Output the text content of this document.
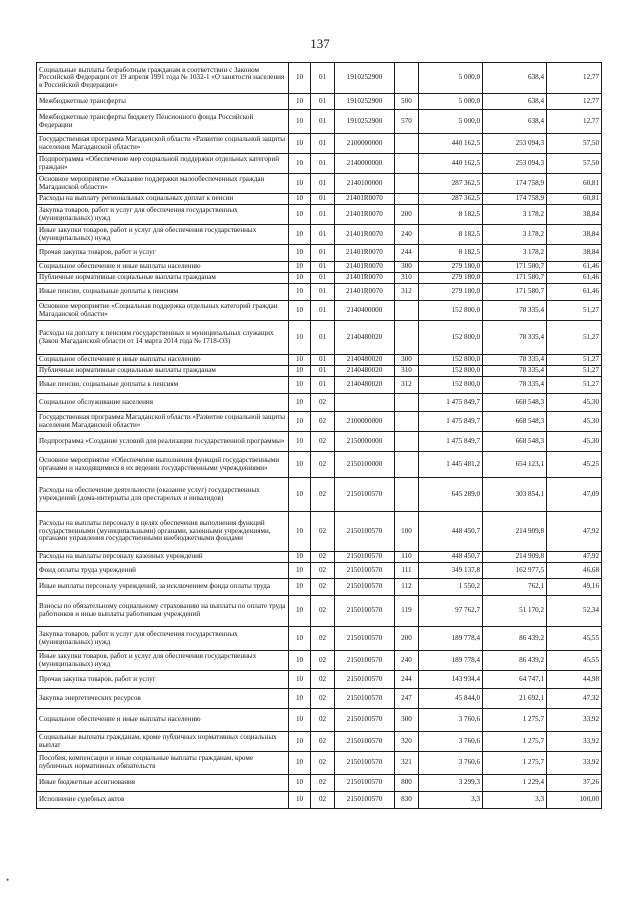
137
Социальные выплаты безработным гражданам в соответствии с Законом Российской Федерации от 19 апреля 1991 года № 1032-1 «О занятости населения в Российской Федерации»	10	01	1910252900		5 000,0	638,4	12,77
Межбюджетные трансферты	10	01	1910252900	500	5 000,0	638,4	12,77
Межбюджетные трансферты бюджету Пенсионного фонда Российской Федерации	10	01	1910252900	570	5 000,0	638,4	12,77
Государственная программа Магаданской области «Развитие социальной защиты населения Магаданской области»	10	01	2100000000		440 162,5	253 094,3	57,50
Подпрограмма «Обеспечение мер социальной поддержки отдельных категорий граждан»	10	01	2140000000		440 162,5	253 094,3	57,50
Основное мероприятие «Оказание поддержки малообеспеченных граждан Магаданской области»	10	01	2140100000		287 362,5	174 758,9	60,81
Расходы на выплату региональных социальных доплат к пенсии	10	01	21401R0070		287 362,5	174 758,9	60,81
Закупка товаров, работ и услуг для обеспечения государственных (муниципальных) нужд	10	01	21401R0070	200	8 182,5	3 178,2	38,84
Иные закупки товаров, работ и услуг для обеспечения государственных (муниципальных) нужд	10	01	21401R0070	240	8 182,5	3 178,2	38,84
Прочая закупка товаров, работ и услуг	10	01	21401R0070	244	8 182,5	3 178,2	38,84
Социальное обеспечение и иные выплаты населению	10	01	21401R0070	300	279 180,0	171 580,7	61,46
Публичные нормативные социальные выплаты гражданам	10	01	21401R0070	310	279 180,0	171 580,7	61,46
Иные пенсии, социальные доплаты к пенсиям	10	01	21401R0070	312	279 180,0	171 580,7	61,46
Основное мероприятие «Социальная поддержка отдельных категорий граждан Магаданской области»	10	01	2140400000		152 800,0	78 335,4	51,27
Расходы на доплату к пенсиям государственных и муниципальных служащих (Закон Магаданской области от 14 марта 2014 года № 1718-ОЗ)	10	01	2140480020		152 800,0	78 335,4	51,27
Социальное обеспечение и иные выплаты населению	10	01	2140480020	300	152 800,0	78 335,4	51,27
Публичные нормативные социальные выплаты гражданам	10	01	2140480020	310	152 800,0	78 335,4	51,27
Иные пенсии, социальные доплаты к пенсиям	10	01	2140480020	312	152 800,0	78 335,4	51,27
Социальное обслуживание населения	10	02			1 475 849,7	668 548,3	45,30
Государственная программа Магаданской области «Развитие социальной защиты населения Магаданской области»	10	02	2100000000		1 475 849,7	668 548,3	45,30
Подпрограмма «Создание условий для реализации государственной программы»	10	02	2150000000		1 475 849,7	668 548,3	45,30
Основное мероприятие «Обеспечение выполнения функций государственными органами и находящимися в их ведении государственными учреждениями»	10	02	2150100000		1 445 481,2	654 123,1	45,25
Расходы на обеспечение деятельности (оказание услуг) государственных учреждений (дома-интернаты для престарелых и инвалидов)	10	02	2150100570		645 289,0	303 854,1	47,09
Расходы на выплаты персоналу в целях обеспечения выполнения функций государственными (муниципальными) органами, казенными учреждениями, органами управления государственными внебюджетными фондами	10	02	2150100570	100	448 450,7	214 909,8	47,92
Расходы на выплаты персоналу казенных учреждений	10	02	2150100570	110	448 450,7	214 909,8	47,92
Фонд оплаты труда учреждений	10	02	2150100570	111	349 137,8	162 977,5	46,68
Иные выплаты персоналу учреждений, за исключением фонда оплаты труда	10	02	2150100570	112	1 550,2	762,1	49,16
Взносы по обязательному социальному страхованию на выплаты по оплате труда работников и иные выплаты работникам учреждений	10	02	2150100570	119	97 762,7	51 170,2	52,34
Закупка товаров, работ и услуг для обеспечения государственных (муниципальных) нужд	10	02	2150100570	200	189 778,4	86 439,2	45,55
Иные закупки товаров, работ и услуг для обеспечения государственных (муниципальных) нужд	10	02	2150100570	240	189 778,4	86 439,2	45,55
Прочая закупка товаров, работ и услуг	10	02	2150100570	244	143 934,4	64 747,1	44,98
Закупка энергетических ресурсов	10	02	2150100570	247	45 844,0	21 692,1	47,32
Социальное обеспечение и иные выплаты населению	10	02	2150100570	300	3 760,6	1 275,7	33,92
Социальные выплаты гражданам, кроме публичных нормативных социальных выплат	10	02	2150100570	320	3 760,6	1 275,7	33,92
Пособия, компенсации и иные социальные выплаты гражданам, кроме публичных нормативных обязательств	10	02	2150100570	321	3 760,6	1 275,7	33,92
Иные бюджетные ассигнования	10	02	2150100570	800	3 299,3	1 229,4	37,26
Исполнение судебных актов	10	02	2150100570	830	3,3	3,3	100,00
•
